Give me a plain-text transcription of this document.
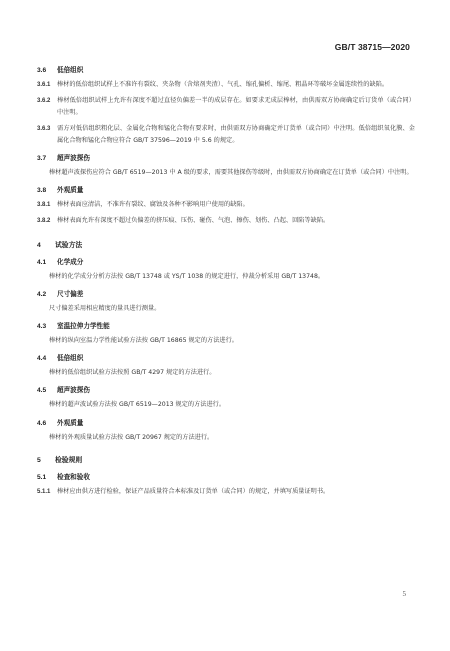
GB/T 38715—2020
3.6 低倍组织
3.6.1 棒材的低倍组织试样上不准许有裂纹、夹杂物（含熔剂夹渣）、气孔、缩孔偏析、缩尾、粗晶环等破坏金属连续性的缺陷。
3.6.2 棒材低倍组织试样上允许有深度不超过直径负偏差一半的成层存在。如要求无成层棒材，由供需双方协商确定后订货单（或合同）中注明。
3.6.3 需方对低倍组织粗化层、金属化合物和锰化合物有要求时，由供需双方协商确定并订货单（或合同）中注明。低倍组织氧化膜、金属化合物和锰化合物应符合 GB/T 37596—2019 中 5.6 的规定。
3.7 超声波探伤
棒材超声波探伤应符合 GB/T 6519—2013 中 A 级的要求，需要其他探伤等级时，由供需双方协商确定在订货单（或合同）中注明。
3.8 外观质量
3.8.1 棒材表面应清洁，不准许有裂纹、腐蚀及各种不影响用户使用的缺陷。
3.8.2 棒材表面允许有深度不超过负偏差的挤压痕、压伤、碰伤、气泡、擦伤、划伤、凸起、回陷等缺陷。
4 试验方法
4.1 化学成分
棒材的化学成分分析方法按 GB/T 13748 或 YS/T 1038 的规定进行，仲裁分析采用 GB/T 13748。
4.2 尺寸偏差
尺寸偏差采用相应精度的量具进行测量。
4.3 室温拉伸力学性能
棒材的纵向室温力学性能试验方法按 GB/T 16865 规定的方法进行。
4.4 低倍组织
棒材的低倍组织试验方法按照 GB/T 4297 规定的方法进行。
4.5 超声波探伤
棒材的超声波试验方法按 GB/T 6519—2013 规定的方法进行。
4.6 外观质量
棒材的外观质量试验方法按 GB/T 20967 规定的方法进行。
5 检验规则
5.1 检查和验收
5.1.1 棒材应由供方进行检验，保证产品质量符合本标准及订货单（或合同）的规定，并填写质量证明书。
5
